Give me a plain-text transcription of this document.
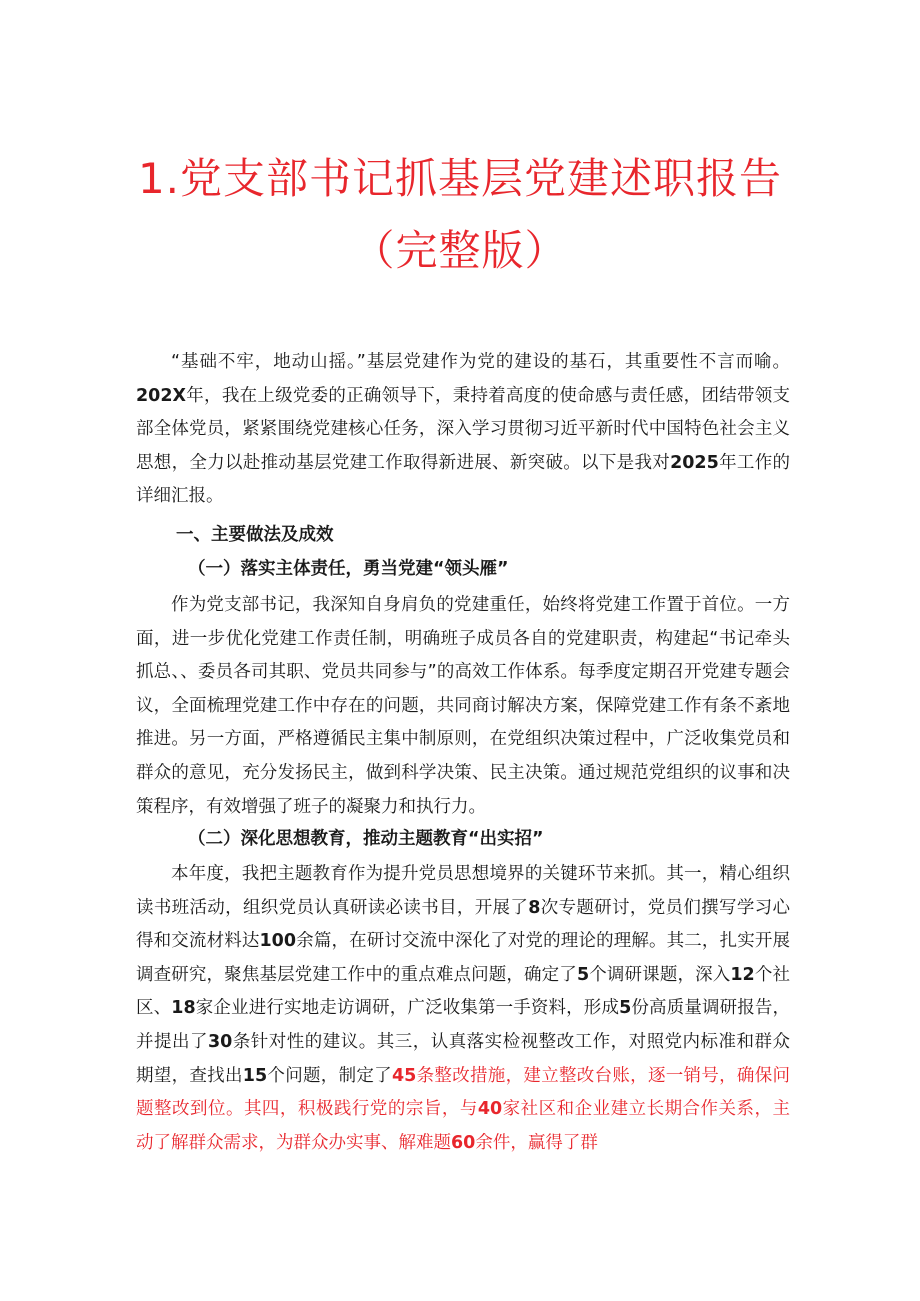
1.党支部书记抓基层党建述职报告
（完整版）
“基础不牢，地动山摇。”基层党建作为党的建设的基石，其重要性不言而喻。202X年，我在上级党委的正确领导下，秉持着高度的使命感与责任感，团结带领支部全体党员，紧紧围绕党建核心任务，深入学习贯彻习近平新时代中国特色社会主义思想，全力以赴推动基层党建工作取得新进展、新突破。以下是我对2025年工作的详细汇报。
一、主要做法及成效
（一）落实主体责任，勇当党建“领头雁”
作为党支部书记，我深知自身肩负的党建重任，始终将党建工作置于首位。一方面，进一步优化党建工作责任制，明确班子成员各自的党建职责，构建起“书记牵头抓总、、委员各司其职、党员共同参与”的高效工作体系。每季度定期召开党建专题会议，全面梳理党建工作中存在的问题，共同商讨解决方案，保障党建工作有条不紊地推进。另一方面，严格遵循民主集中制原则，在党组织决策过程中，广泛收集党员和群众的意见，充分发扬民主，做到科学决策、民主决策。通过规范党组织的议事和决策程序，有效增强了班子的凝聚力和执行力。
（二）深化思想教育，推动主题教育“出实招”
本年度，我把主题教育作为提升党员思想境界的关键环节来抓。其一，精心组织读书班活动，组织党员认真研读必读书目，开展了8次专题研讨，党员们撰写学习心得和交流材料达100余篇，在研讨交流中深化了对党的理论的理解。其二，扎实开展调查研究，聚焦基层党建工作中的重点难点问题，确定了5个调研课题，深入12个社区、18家企业进行实地走访调研，广泛收集第一手资料，形成5份高质量调研报告，并提出了30条针对性的建议。其三，认真落实检视整改工作，对照党内标准和群众期望，查找出15个问题，制定了45条整改措施，建立整改台账，逐一销号，确保问题整改到位。其四，积极践行党的宗旨，与40家社区和企业建立长期合作关系，主动了解群众需求，为群众办实事、解难题60余件，赢得了群
